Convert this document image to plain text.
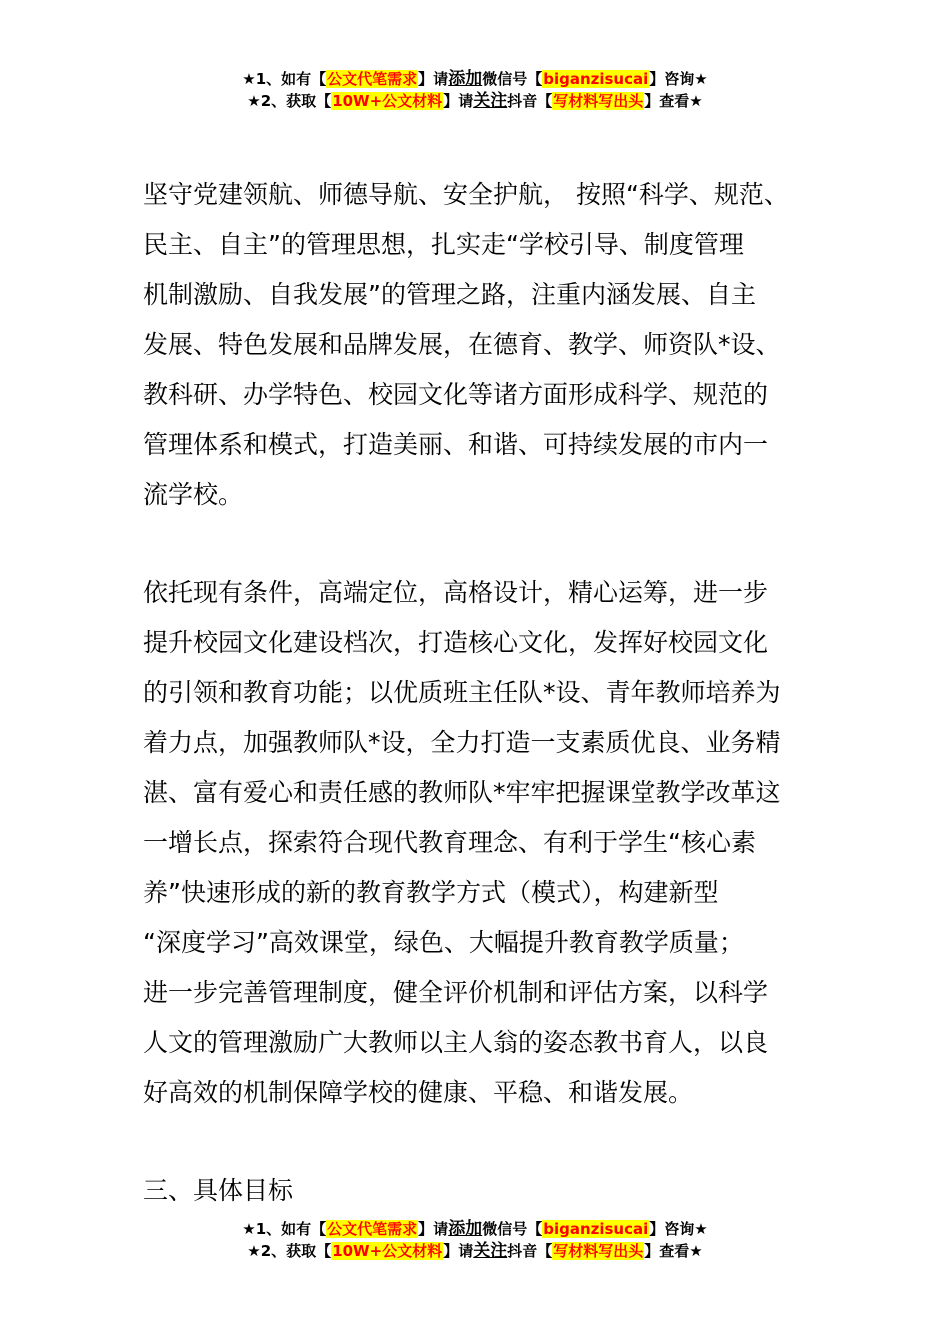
★1、如有【公文代笔需求】请添加微信号【biganzisucai】咨询★
★2、获取【10W+公文材料】请关注抖音【写材料写出头】查看★
坚守党建领航、师德导航、安全护航， 按照“科学、规范、
民主、自主”的管理思想，扎实走“学校引导、制度管理
机制激励、自我发展”的管理之路，注重内涵发展、自主
发展、特色发展和品牌发展，在德育、教学、师资队*设、
教科研、办学特色、校园文化等诸方面形成科学、规范的
管理体系和模式，打造美丽、和谐、可持续发展的市内一
流学校。
依托现有条件，高端定位，高格设计，精心运筹，进一步
提升校园文化建设档次，打造核心文化，发挥好校园文化
的引领和教育功能；以优质班主任队*设、青年教师培养为
着力点，加强教师队*设，全力打造一支素质优良、业务精
湛、富有爱心和责任感的教师队*牢牢把握课堂教学改革这
一增长点，探索符合现代教育理念、有利于学生“核心素
养”快速形成的新的教育教学方式（模式），构建新型
“深度学习”高效课堂，绿色、大幅提升教育教学质量；
进一步完善管理制度，健全评价机制和评估方案，以科学
人文的管理激励广大教师以主人翁的姿态教书育人，以良
好高效的机制保障学校的健康、平稳、和谐发展。
三、具体目标
★1、如有【公文代笔需求】请添加微信号【biganzisucai】咨询★
★2、获取【10W+公文材料】请关注抖音【写材料写出头】查看★
